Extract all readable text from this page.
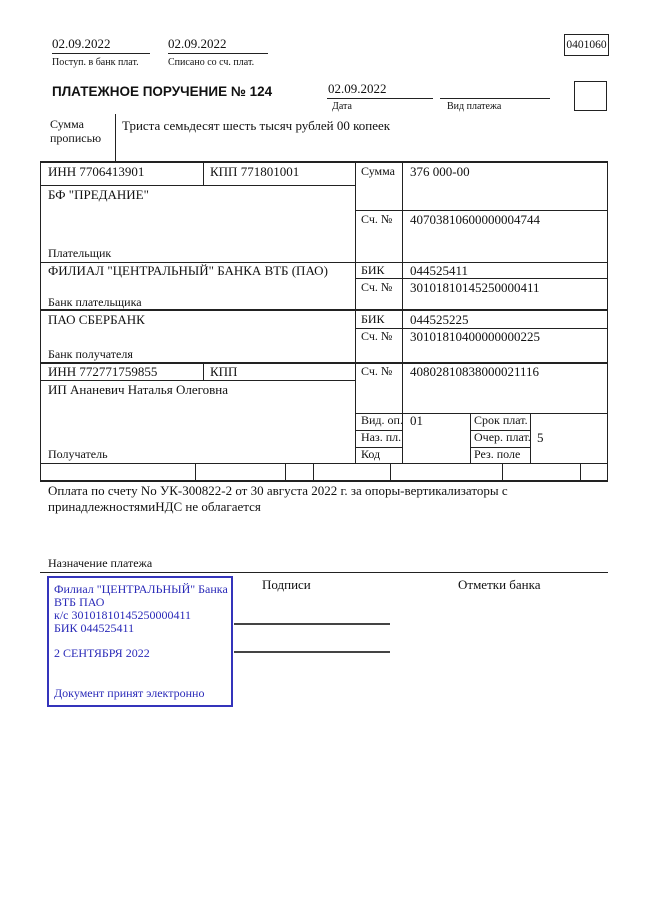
02.09.2022
Поступ. в банк плат.
02.09.2022
Списано со сч. плат.
0401060
ПЛАТЕЖНОЕ ПОРУЧЕНИЕ № 124	02.09.2022
Дата	Вид платежа
Сумма
прописью
Триста семьдесят шесть тысяч рублей 00 копеек
ИНН 7706413901	КПП 771801001	Сумма 376 000-00
БФ "ПРЕДАНИЕ"
Сч. № 40703810600000004744
Плательщик
ФИЛИАЛ "ЦЕНТРАЛЬНЫЙ" БАНКА ВТБ (ПАО)	БИК 044525411
Сч. № 30101810145250000411
Банк плательщика
ПАО СБЕРБАНК	БИК 044525225
Сч. № 30101810400000000225
Банк получателя
ИНН 772771759855	КПП	Сч. № 40802810838000021116
ИП Ананевич Наталья Олеговна
Получатель
Вид. оп. 01	Срок плат.
Наз. пл.	Очер. плат. 5
Код	Рез. поле
Оплата по счету No УК-300822-2 от 30 августа 2022 г. за опоры-вертикализаторы с
принадлежностямиНДС не облагается
Назначение платежа
Подписи	Отметки банка
Филиал "ЦЕНТРАЛЬНЫЙ" Банка
ВТБ ПАО
к/с 30101810145250000411
БИК 044525411
2 СЕНТЯБРЯ 2022
Документ принят электронно
